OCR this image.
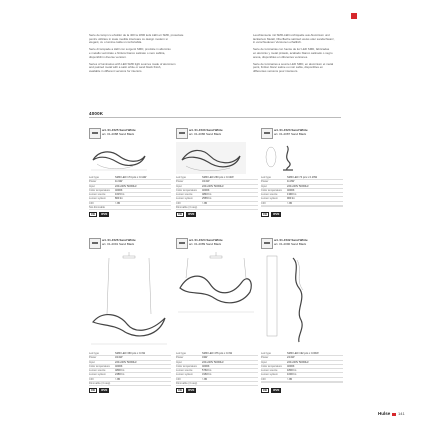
Serie de lampi cu ehstiilor de la 400 la 1800 leds LED-uri SMD, proiectate
pentru utilizare in toate mediile interioare cu design modern si
elegant, cu o lumina calda si confortabila.
Serie di lampade a LED con sorgenti SMD, prodotte in alluminio
e metallo verniciato e finitura bianco satinato o nero sabbia,
disponibili in diverse versioni.
Series of luminaires with LED SMD light sources made of aluminum
and painted metal with a satin white or sand black finish,
available in different versions for interiors.
Leuchtenserie mit SMD-LED-Lichtquelle aus Aluminium und
lackiertem Metall, Oberflache satiniert weiss oder sandschwarz,
in verschiedenen Versionen erhaltlich.
Serie de luminarias con fuente de luz LED SMD, fabricadas
en aluminio y metal pintado, acabado blanco satinado o negro
arena, disponibles en diferentes versiones.
Serie de luminaires a source LED SMD, en aluminium et metal
peint, finition blanc satine ou noir sable, disponibles en
differentes versions pour interieurs.
4000K
art. 01-1525 Sand White
art. 01-2088 Sand Black
Led type	SMD LED 174 pcs x 0.11W
Power	11.9W
Input	220-240V 50/60Hz
Color temperature	4000K
Lumen source	1615 lm
Lumen system	800 lm
CRI	> 80
Not dimmable
CE	IP20
art. 01-1533 Sand White
art. 01-2086 Sand Black
Led type	SMD LED 260 pcs x 0.13W
Power	34.0W
Input	220-240V 50/60Hz
Color temperature	4000K
Lumen source	4840 lm
Lumen system	2565 lm
CRI	> 80
Dimmable (3 step)
CE	IP20
art. 01-1523 Sand White
art. 01-2087 Sand Black
Led type	SMD LED 74 pcs x 0.16W
Power	11.8W
Input	220-240V 50/60Hz
Color temperature	4000K
Lumen source	1390 lm
Lumen system	900 lm
CRI	> 80
CE	IP20
art. 01-1526 Sand White
art. 01-2091 Sand Black
Led type	SMD LED 360 pcs x 0.1W
Power	34.0W
Input	220-240V 50/60Hz
Color temperature	4000K
Lumen source	4800 lm
Lumen system	2486 lm
CRI	> 80
Dimmable (3 step)
CE	IP20
art. 01-1524 Sand White
art. 01-2089 Sand Black
Led type	SMD LED 476 pcs x 0.1W
Power	43W
Input	220-240V 50/60Hz
Color temperature	4000K
Lumen source	5760 lm
Lumen system	3160 lm
CRI	> 80
Dimmable (3 step)
CE	IP20
art. 01-1532 Sand White
art. 01-2090 Sand Black
Led type	SMD LED 192 pcs x 0.06W
Power	24.0W
Input	220-240V 50/60Hz
Color temperature	4000K
Lumen source	1800 lm
Lumen system	1000 lm
CRI	> 80
CE	IP20
Hulse 141
